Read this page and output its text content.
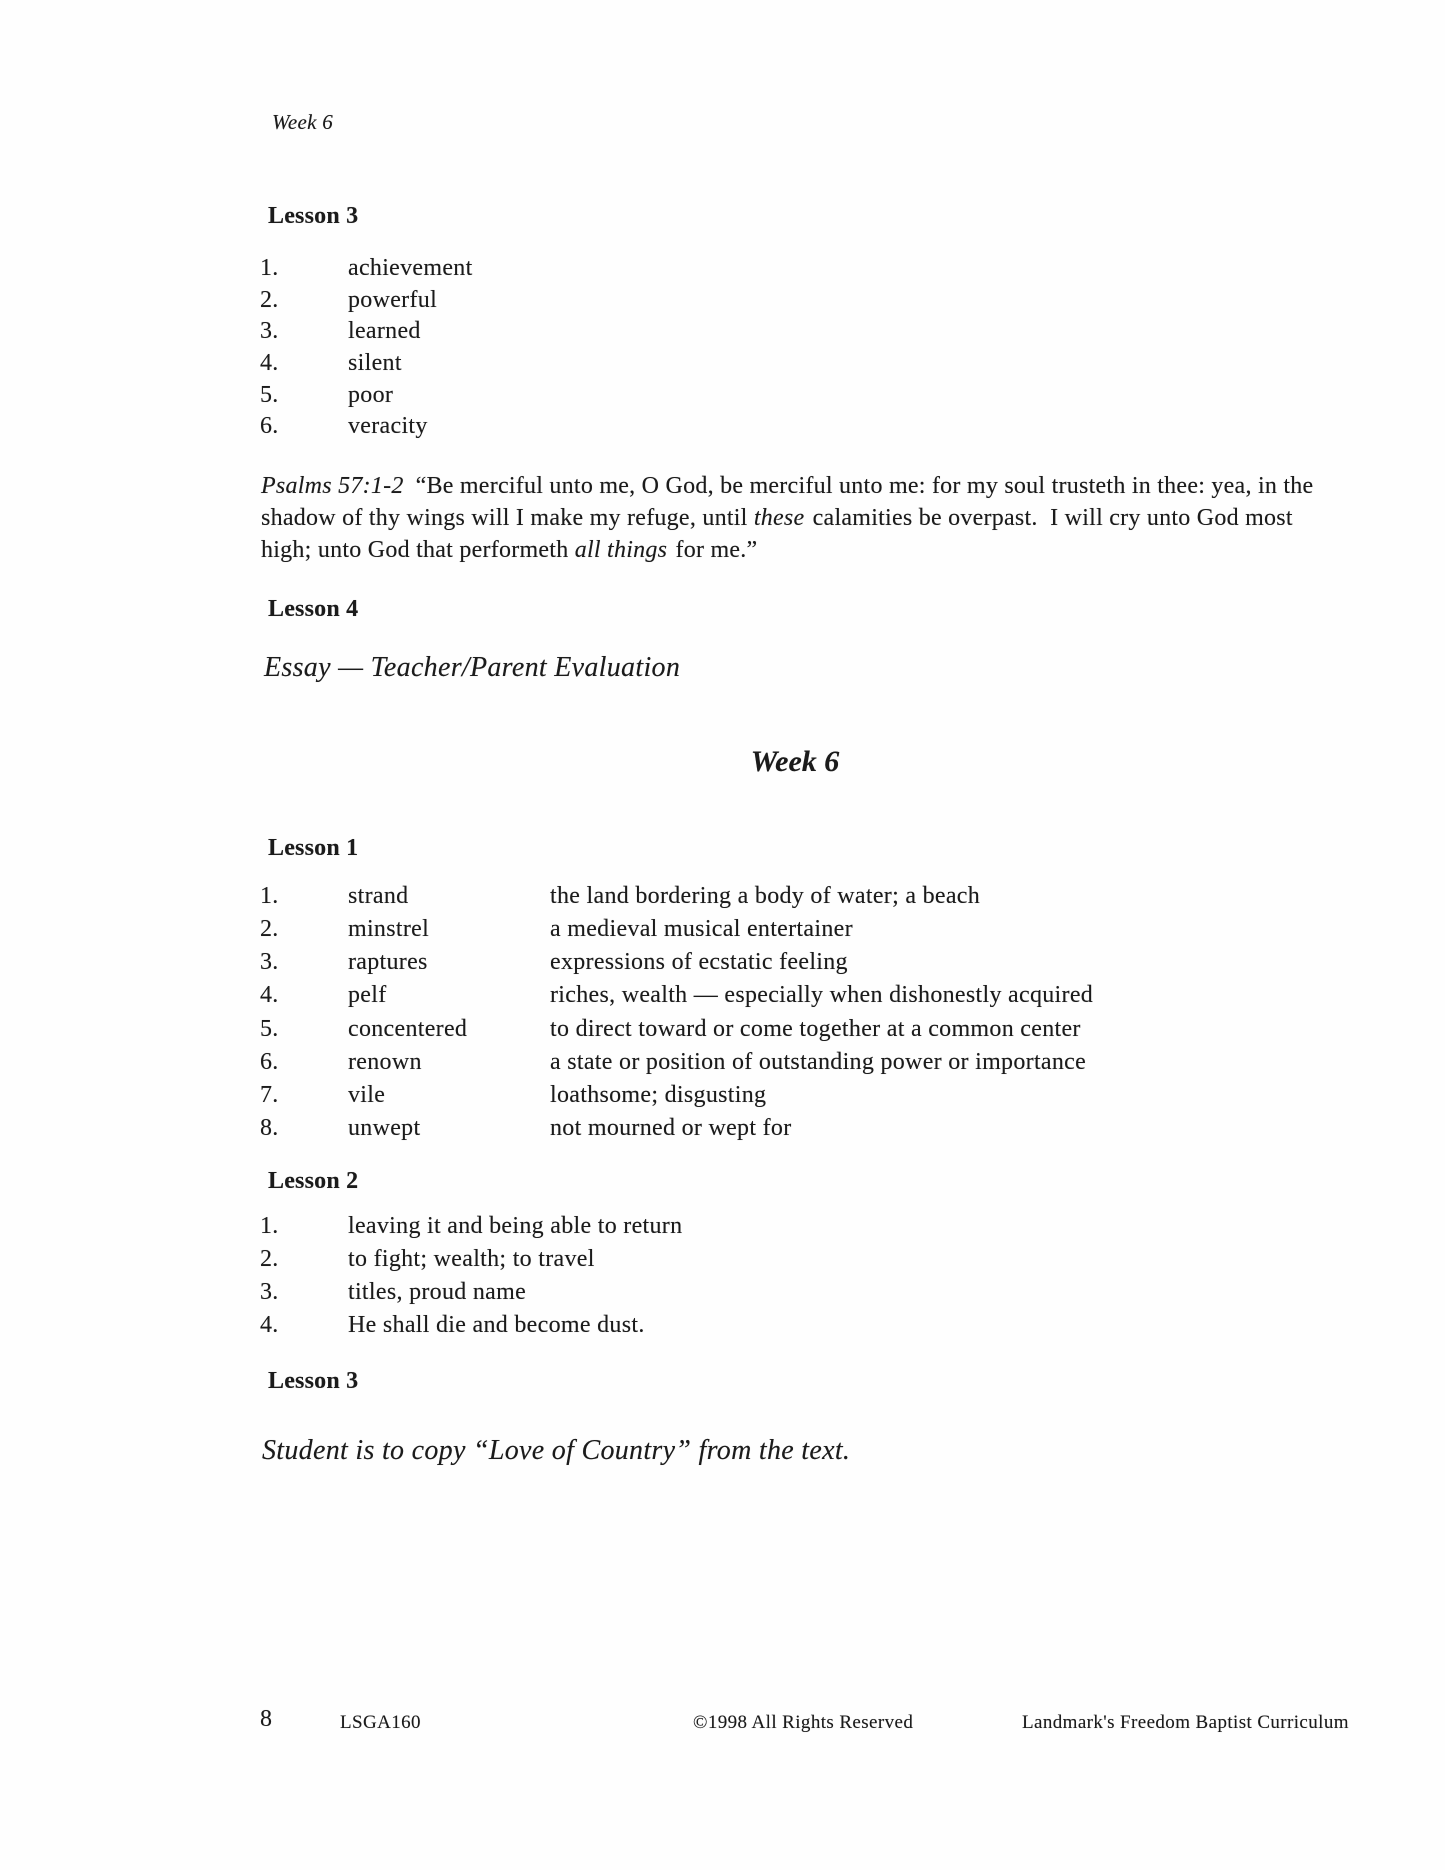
Week 6
Lesson 3
1.	achievement
2.	powerful
3.	learned
4.	silent
5.	poor
6.	veracity

Psalms 57:1-2 “Be merciful unto me, O God, be merciful unto me: for my soul trusteth in thee: yea, in the shadow of thy wings will I make my refuge, until these calamities be overpast.  I will cry unto God most high; unto God that performeth all things for me.”

Lesson 4
Essay — Teacher/Parent Evaluation
Week 6
Lesson 1
1.	strand	the land bordering a body of water; a beach
2.	minstrel	a medieval musical entertainer
3.	raptures	expressions of ecstatic feeling
4.	pelf	riches, wealth — especially when dishonestly acquired
5.	concentered	to direct toward or come together at a common center
6.	renown	a state or position of outstanding power or importance
7.	vile	loathsome; disgusting
8.	unwept	not mourned or wept for
Lesson 2
1.	leaving it and being able to return
2.	to fight; wealth; to travel
3.	titles, proud name
4.	He shall die and become dust.
Lesson 3
Student is to copy “Love of Country” from the text.
8	LSGA160	©1998 All Rights Reserved	Landmark's Freedom Baptist Curriculum
